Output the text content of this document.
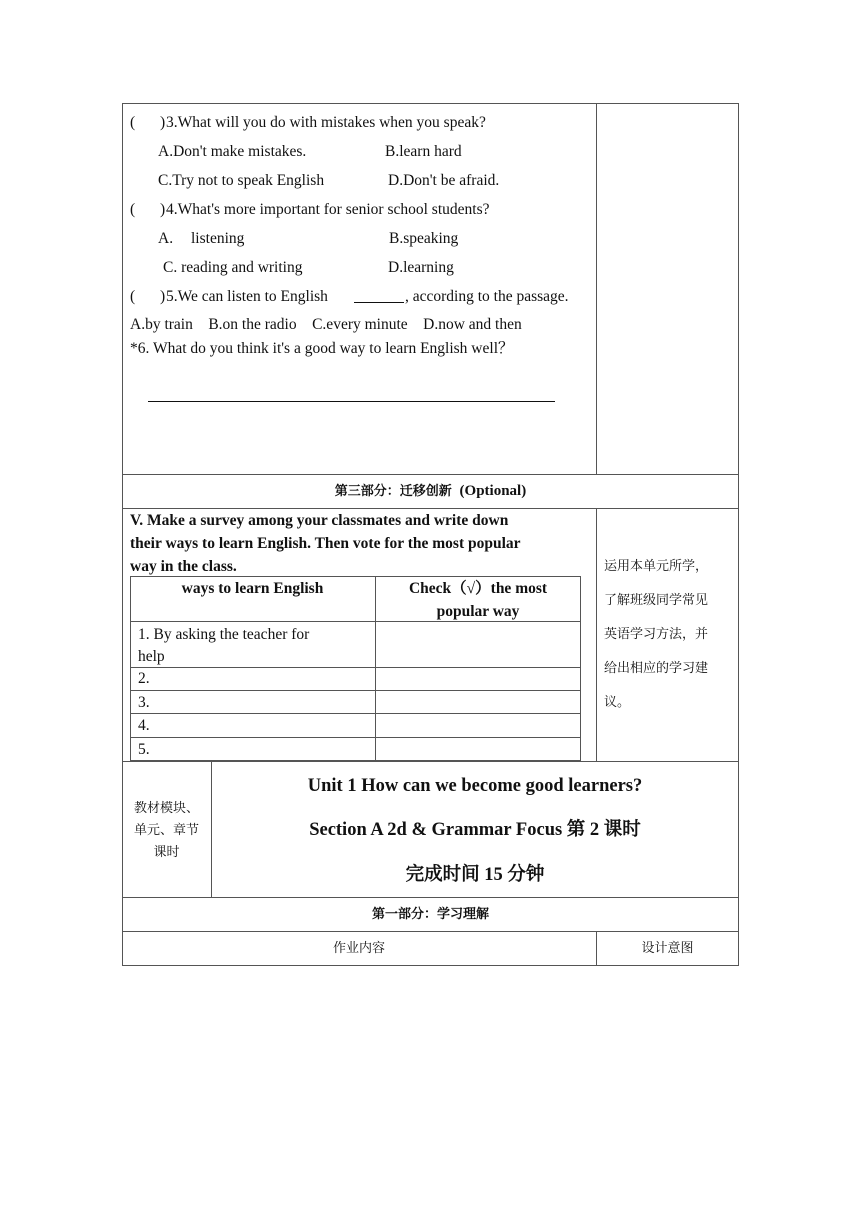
( ) 3.What will you do with mistakes when you speak?
A.Don't make mistakes.	B.learn hard
C.Try not to speak English	D.Don't be afraid.
( ) 4.What's more important for senior school students?
A. listening	B.speaking
C. reading and writing	D.learning
( ) 5.We can listen to English	, according to the passage.
A.by train    B.on the radio    C.every minute    D.now and then
*6. What do you think it's a good way to learn English well？
第三部分：迁移创新 (Optional)
V. Make a survey among your classmates and write down
their ways to learn English. Then vote for the most popular
way in the class.
ways to learn English	Check（√）the most
popular way
1. By asking the teacher for
help
2.
3.
4.
5.
运用本单元所学，
了解班级同学常见
英语学习方法，并
给出相应的学习建
议。
教材模块、
单元、章节
课时
Unit 1 How can we become good learners?
Section A 2d & Grammar Focus 第 2 课时
完成时间 15 分钟
第一部分：学习理解
作业内容	设计意图
